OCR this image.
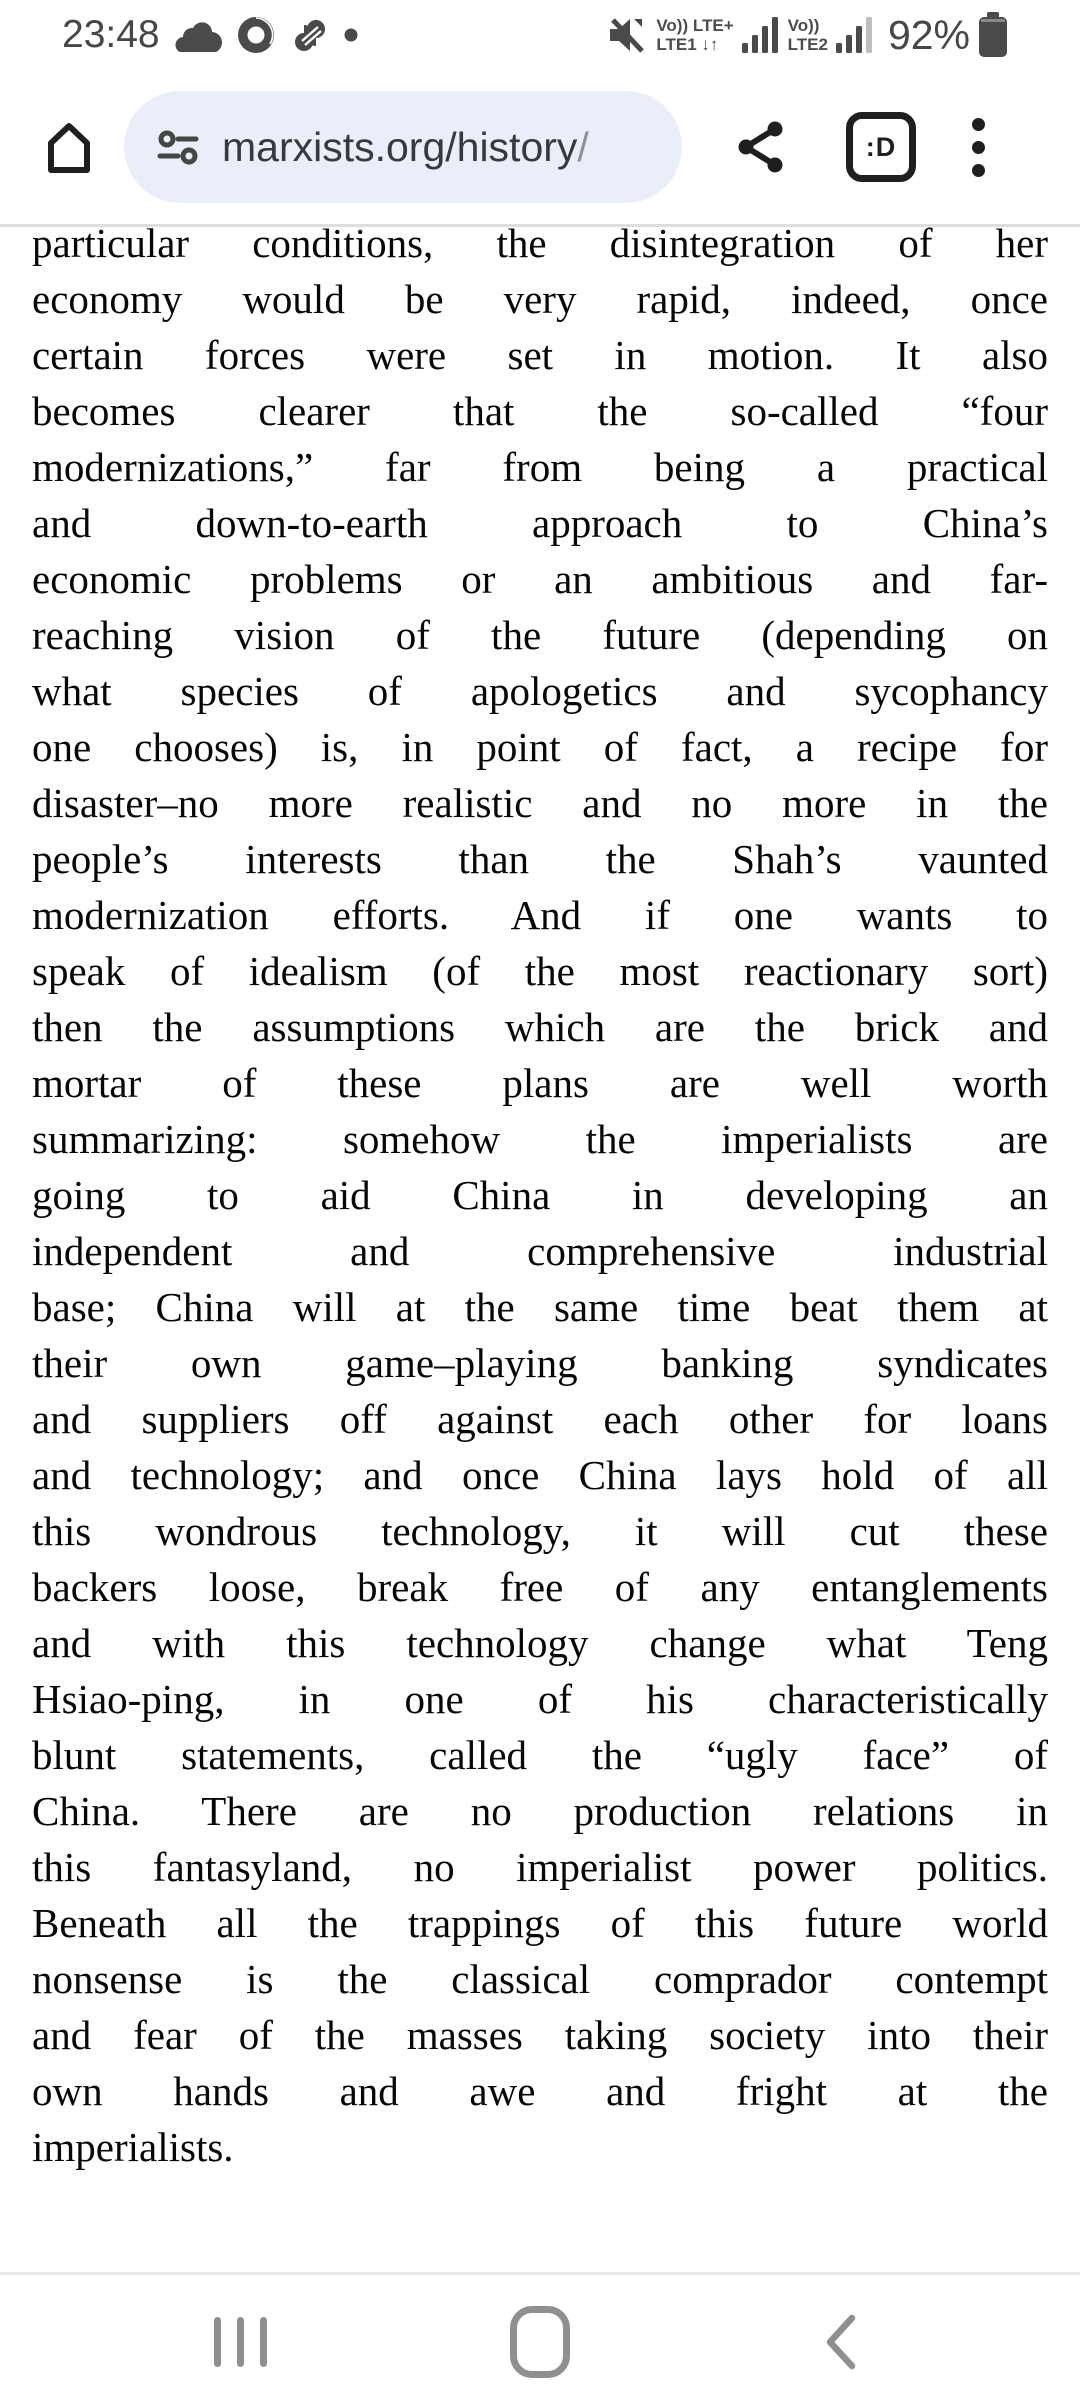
23:48	Vo)) LTE+
LTE1 ↓↑
Vo))
LTE2 92%
marxists.org/history/	:D
particular conditions, the disintegration of her
economy would be very rapid, indeed, once
certain forces were set in motion. It also
becomes clearer that the so-called “four
modernizations,” far from being a practical
and down-to-earth approach to China’s
economic problems or an ambitious and far-
reaching vision of the future (depending on
what species of apologetics and sycophancy
one chooses) is, in point of fact, a recipe for
disaster–no more realistic and no more in the
people’s interests than the Shah’s vaunted
modernization efforts. And if one wants to
speak of idealism (of the most reactionary sort)
then the assumptions which are the brick and
mortar of these plans are well worth
summarizing: somehow the imperialists are
going to aid China in developing an
independent and comprehensive industrial
base; China will at the same time beat them at
their own game–playing banking syndicates
and suppliers off against each other for loans
and technology; and once China lays hold of all
this wondrous technology, it will cut these
backers loose, break free of any entanglements
and with this technology change what Teng
Hsiao-ping, in one of his characteristically
blunt statements, called the “ugly face” of
China. There are no production relations in
this fantasyland, no imperialist power politics.
Beneath all the trappings of this future world
nonsense is the classical comprador contempt
and fear of the masses taking society into their
own hands and awe and fright at the
imperialists.
